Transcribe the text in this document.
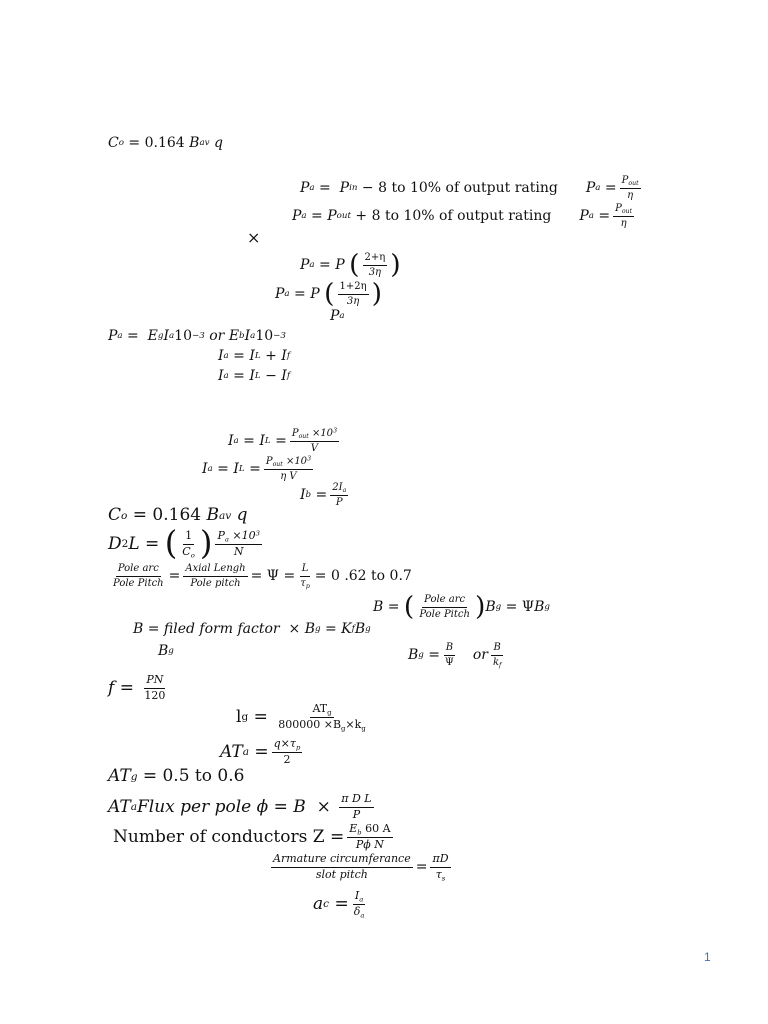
C o = 0.164 B av q
P a =  P in − 8 to 10% of output rating P $a = \frac{P_{out}}{\eta}$
P a = P out + 8 to 10% of output rating P $a = \frac{P_{out}}{\eta}$
×
P a = P ( $\frac{2+\eta}{3\eta}$ )
P a = P ( $\frac{1+2\eta}{3\eta}$ )
P a
P a =  E g I a 10 −3
or E b I a 10 −3
I a = I L + I f
I a = I L − I f
I a = I $L = \frac{P_{out} \times 10^3}{V}$
I a = I $L = \frac{P_{out} \times 10^3}{\text{η V}}$
I $b = \frac{2I_a}{P}$
C o = 0.164 B av q
D 2 L = ( $\frac{1}{C_o}$ ) $\frac{P_a \times 10^3}{N}$
$\frac{\text{Pole arc}}{\text{Pole Pitch}} = \frac{\text{Axial Lengh}}{\text{Pole pitch}} = \Psi = \frac{L}{\tau_p} = 0$ .62 to 0.7
B = ( $\frac{\text{Pole arc}}{\text{Pole Pitch}}$ ) B g = Ψ B g
B = filed form factor
× B g = K f B g
B g	B $g = \frac{B}{\Psi}$ or $\frac{B}{k_f}$
$f = \frac{PN}{120}$
l $g = \frac{AT_g}{800000 \times B_g\times k_g}$
AT $a = \frac{q\times\tau_p}{2}$
AT g
= 0.5 to 0.6
AT a Flux per pole $\phi = B \times \frac{\text{π D L}}{P}$
Number of conductors $Z = \frac{E_b 60 A}{\text{Pϕ N}}$
$\frac{\text{Armature circumferance}}{\text{slot pitch}} = \frac{\pi D}{\tau_s}$
a $c = \frac{I_a}{\delta_a}$
1
